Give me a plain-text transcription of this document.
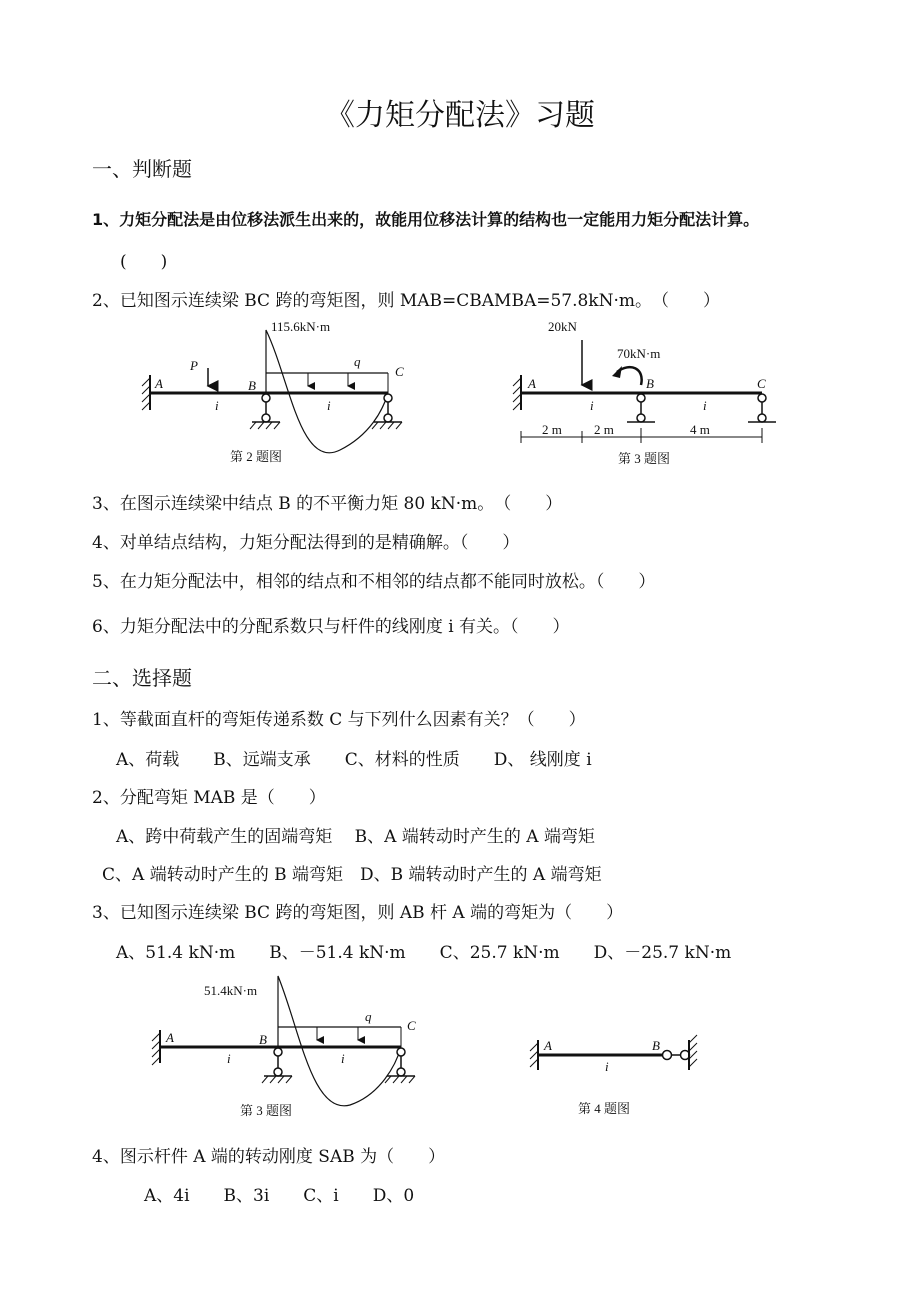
《力矩分配法》习题
一、判断题
1、力矩分配法是由位移法派生出来的，故能用位移法计算的结构也一定能用力矩分配法计算。
(　　)
2、已知图示连续梁 BC 跨的弯矩图，则 MAB=CBAMBA=57.8kN·m。　（　　）
115.6kN·m
P	q
A	B
C
i	i
第 2 题图
20kN
70kN·m
A	B	C
i	i
2 m 2 m	4 m
第 3 题图
3、在图示连续梁中结点 B 的不平衡力矩 80 kN·m。　（　　）
4、对单结点结构，力矩分配法得到的是精确解。（　　）
5、在力矩分配法中，相邻的结点和不相邻的结点都不能同时放松。（　　）
6、力矩分配法中的分配系数只与杆件的线刚度 i 有关。（　　）
二、选择题
1、等截面直杆的弯矩传递系数 C 与下列什么因素有关？（　　）
A、荷载　　B、远端支承　　C、材料的性质　　D、 线刚度 i
2、分配弯矩 MAB 是（　　）
A、跨中荷载产生的固端弯矩　 B、A 端转动时产生的 A 端弯矩
C、A 端转动时产生的 B 端弯矩　D、B 端转动时产生的 A 端弯矩
3、已知图示连续梁 BC 跨的弯矩图，则 AB 杆 A 端的弯矩为（　　）
A、51.4 kN·m　　B、－51.4 kN·m　　C、25.7 kN·m　　D、－25.7 kN·m
51.4kN·m
q
A	B
C
i	i
第 3 题图
A	B
i
第 4 题图
4、图示杆件 A 端的转动刚度 SAB 为（　　）
A、4i　　B、3i　　C、i　　D、0
